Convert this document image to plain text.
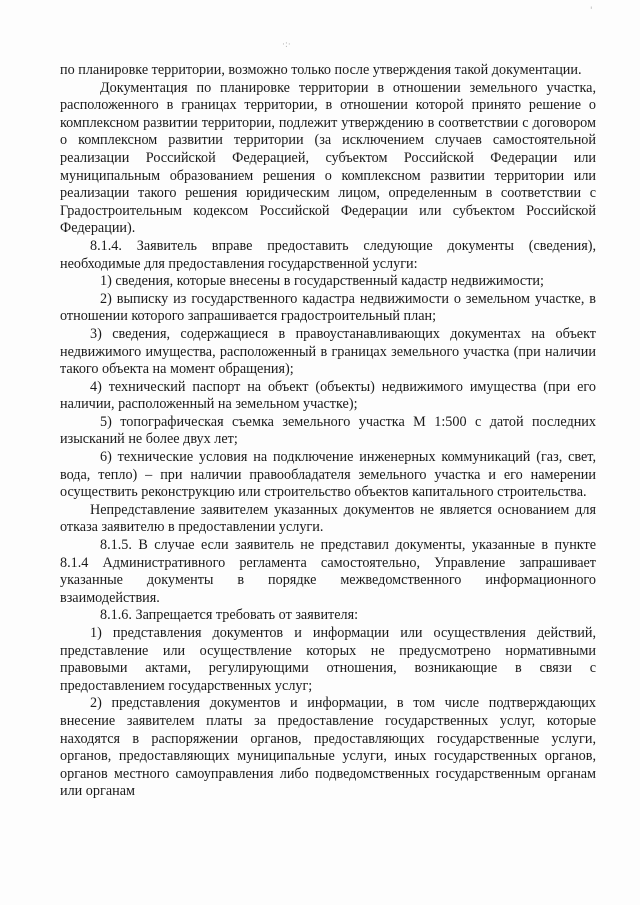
'
·:·

по планировке территории, возможно только после утверждения такой документации.

Документация по планировке территории в отношении земельного участка, расположенного в границах территории, в отношении которой принято решение о комплексном развитии территории, подлежит утверждению в соответствии с договором о комплексном развитии территории (за исключением случаев самостоятельной реализации Российской Федерацией, субъектом Российской Федерации или муниципальным образованием решения о комплексном развитии территории или реализации такого решения юридическим лицом, определенным в соответствии с Градостроительным кодексом Российской Федерации или субъектом Российской Федерации).

8.1.4. Заявитель вправе предоставить следующие документы (сведения), необходимые для предоставления государственной услуги:

1) сведения, которые внесены в государственный кадастр недвижимости;

2) выписку из государственного кадастра недвижимости о земельном участке, в отношении которого запрашивается градостроительный план;

3) сведения, содержащиеся в правоустанавливающих документах на объект недвижимого имущества, расположенный в границах земельного участка (при наличии такого объекта на момент обращения);

4) технический паспорт на объект (объекты) недвижимого имущества (при его наличии, расположенный на земельном участке);

5) топографическая съемка земельного участка М 1:500 с датой последних изысканий не более двух лет;

6) технические условия на подключение инженерных коммуникаций (газ, свет, вода, тепло) – при наличии правообладателя земельного участка и его намерении осуществить реконструкцию или строительство объектов капитального строительства.

Непредставление заявителем указанных документов не является основанием для отказа заявителю в предоставлении услуги.

8.1.5. В случае если заявитель не представил документы, указанные в пункте 8.1.4 Административного регламента самостоятельно, Управление запрашивает указанные документы в порядке межведомственного информационного взаимодействия.

8.1.6. Запрещается требовать от заявителя:

1) представления документов и информации или осуществления действий, представление или осуществление которых не предусмотрено нормативными правовыми актами, регулирующими отношения, возникающие в связи с предоставлением государственных услуг;

2) представления документов и информации, в том числе подтверждающих внесение заявителем платы за предоставление государственных услуг, которые находятся в распоряжении органов, предоставляющих государственные услуги, органов, предоставляющих муниципальные услуги, иных государственных органов, органов местного самоуправления либо подведомственных государственным органам или органам
